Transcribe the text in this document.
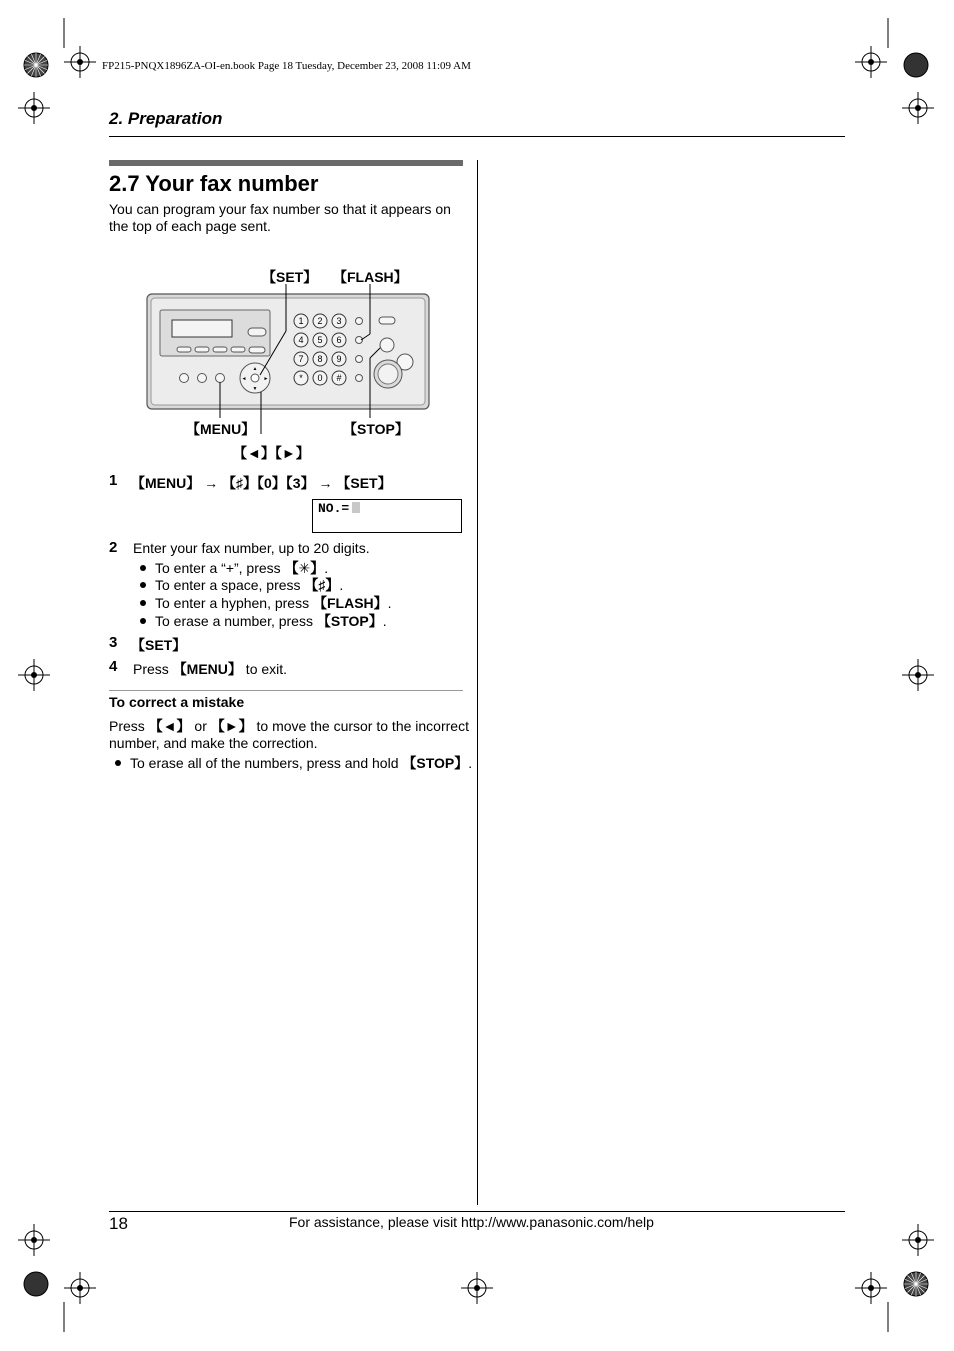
FP215-PNQX1896ZA-OI-en.book Page 18 Tuesday, December 23, 2008 11:09 AM
2. Preparation
2.7 Your fax number
You can program your fax number so that it appears on the top of each page sent.
【SET】 【FLASH】
【MENU】	【STOP】
【◄】【►】
▲
▼
◄	►
1 2 3
4 5 6
7 8 9
* 0 #
1 【MENU】 → 【♯】【0】【3】 → 【SET】
NO.=
2 Enter your fax number, up to 20 digits.
To enter a “+”, press 【✳】.
To enter a space, press 【♯】.
To enter a hyphen, press 【FLASH】.
To erase a number, press 【STOP】.
3 【SET】
4 Press 【MENU】 to exit.
To correct a mistake
Press 【◄】 or 【►】 to move the cursor to the incorrect
number, and make the correction.
To erase all of the numbers, press and hold 【STOP】.
18	For assistance, please visit http://www.panasonic.com/help
